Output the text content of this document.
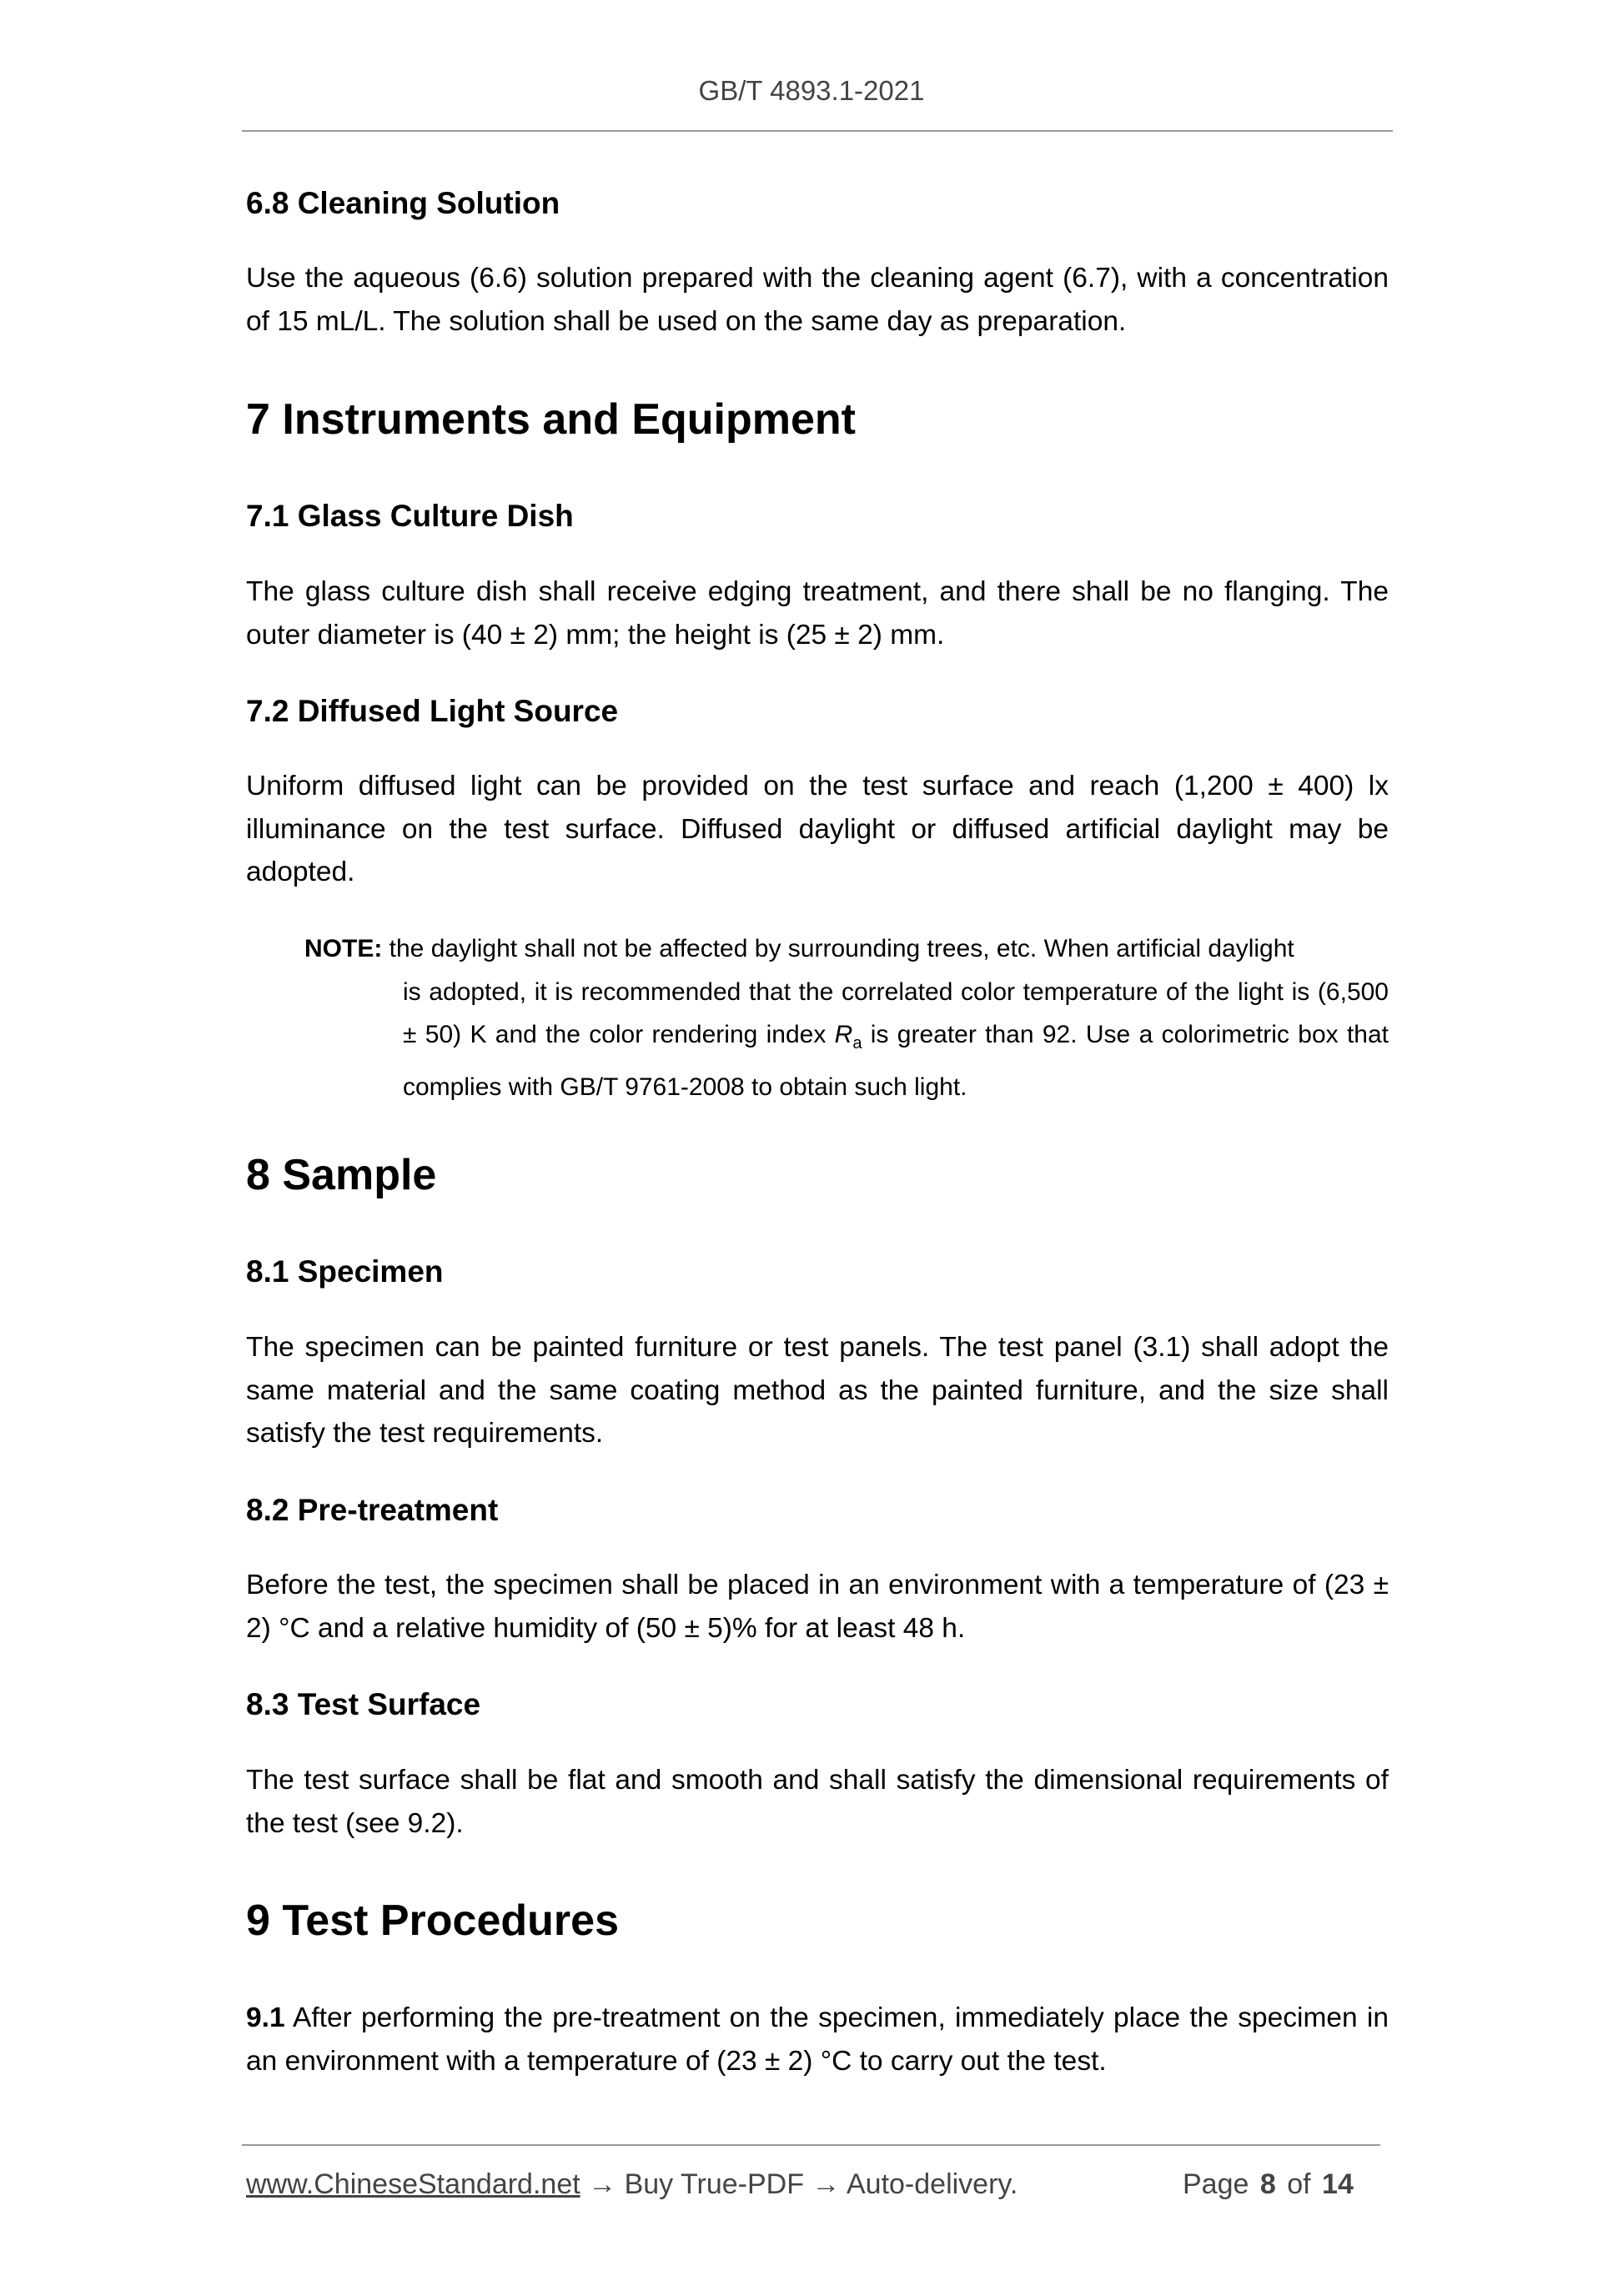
GB/T 4893.1-2021
6.8 Cleaning Solution
Use the aqueous (6.6) solution prepared with the cleaning agent (6.7), with a concentration of 15 mL/L. The solution shall be used on the same day as preparation.
7 Instruments and Equipment
7.1 Glass Culture Dish
The glass culture dish shall receive edging treatment, and there shall be no flanging. The outer diameter is (40 ± 2) mm; the height is (25 ± 2) mm.
7.2 Diffused Light Source
Uniform diffused light can be provided on the test surface and reach (1,200 ± 400) lx illuminance on the test surface. Diffused daylight or diffused artificial daylight may be adopted.
NOTE: the daylight shall not be affected by surrounding trees, etc. When artificial daylight
is adopted, it is recommended that the correlated color temperature of the light is (6,500 ± 50) K and the color rendering index $R_a$ is greater than 92. Use a colorimetric box that complies with GB/T 9761-2008 to obtain such light.
8 Sample
8.1 Specimen
The specimen can be painted furniture or test panels. The test panel (3.1) shall adopt the same material and the same coating method as the painted furniture, and the size shall satisfy the test requirements.
8.2 Pre-treatment
Before the test, the specimen shall be placed in an environment with a temperature of (23 ± 2) °C and a relative humidity of (50 ± 5)% for at least 48 h.
8.3 Test Surface
The test surface shall be flat and smooth and shall satisfy the dimensional requirements of the test (see 9.2).
9 Test Procedures
9.1 After performing the pre-treatment on the specimen, immediately place the specimen in an environment with a temperature of (23 ± 2) °C to carry out the test.
www.ChineseStandard.net → Buy True-PDF → Auto-delivery.	Page 8 of 14
